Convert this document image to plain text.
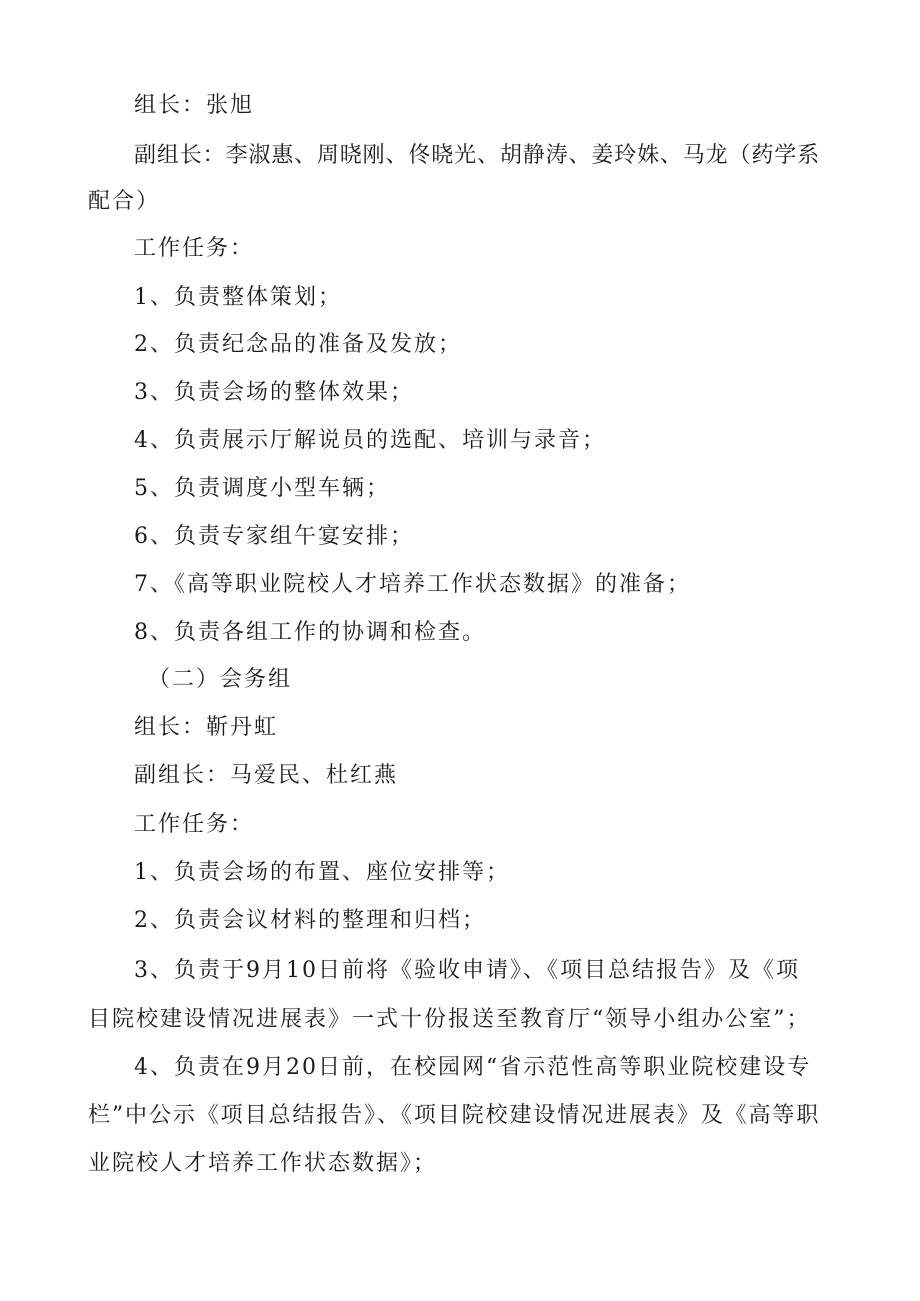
组长：张旭
副组长：李淑惠、周晓刚、佟晓光、胡静涛、姜玲姝、马龙（药学系
配合）
工作任务：
1、负责整体策划；
2、负责纪念品的准备及发放；
3、负责会场的整体效果；
4、负责展示厅解说员的选配、培训与录音；
5、负责调度小型车辆；
6、负责专家组午宴安排；
7、《高等职业院校人才培养工作状态数据》的准备；
8、负责各组工作的协调和检查。
（二）会务组
组长：靳丹虹
副组长：马爱民、杜红燕
工作任务：
1、负责会场的布置、座位安排等；
2、负责会议材料的整理和归档；
3、负责于9月10日前将《验收申请》、《项目总结报告》及《项
目院校建设情况进展表》一式十份报送至教育厅“领导小组办公室”；
4、负责在9月20日前，在校园网“省示范性高等职业院校建设专
栏”中公示《项目总结报告》、《项目院校建设情况进展表》及《高等职
业院校人才培养工作状态数据》；
